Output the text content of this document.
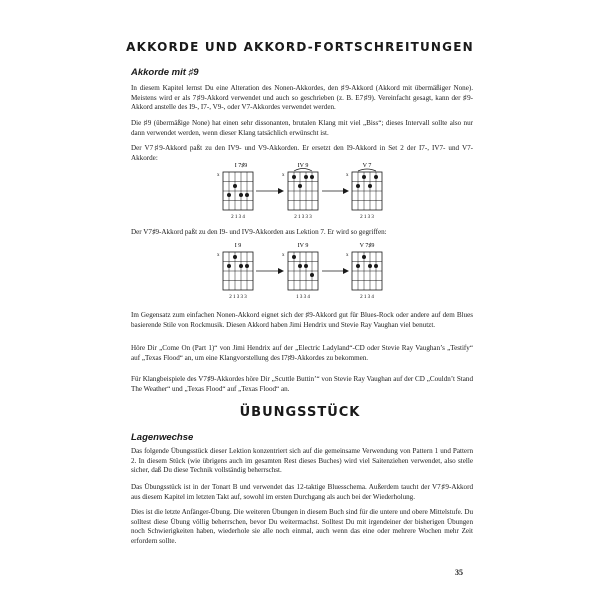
AKKORDE UND AKKORD-FORTSCHREITUNGEN
Akkorde mit ♯9

In diesem Kapitel lernst Du eine Alteration des Nonen-Akkordes, den ♯9-Akkord (Akkord mit übermäßiger None). Meistens wird er als 7♯9-Akkord verwendet und auch so geschrieben (z. B. E7♯9). Vereinfacht gesagt, kann der ♯9-Akkord anstelle des I9-, I7-, V9-, oder V7-Akkordes verwendet werden.

Die ♯9 (übermäßige None) hat einen sehr dissonanten, brutalen Klang mit viel „Biss“; dieses Intervall sollte also nur dann verwendet werden, wenn dieser Klang tatsächlich erwünscht ist.

Der V7♯9-Akkord paßt zu den IV9- und V9-Akkorden. Er ersetzt den I9-Akkord in Set 2 der I7-, IV7- und V7-Akkorde:

Der V7♯9-Akkord paßt zu den I9- und IV9-Akkorden aus Lektion 7. Er wird so gegriffen:

Im Gegensatz zum einfachen Nonen-Akkord eignet sich der ♯9-Akkord gut für Blues-Rock oder andere auf dem Blues basierende Stile von Rockmusik. Diesen Akkord haben Jimi Hendrix und Stevie Ray Vaughan viel benutzt.

Höre Dir „Come On (Part 1)“ von Jimi Hendrix auf der „Electric Ladyland“-CD oder Stevie Ray Vaughan’s „Testify“ auf „Texas Flood“ an, um eine Klangvorstellung des I7♯9-Akkordes zu bekommen.

Für Klangbeispiele des V7♯9-Akkordes höre Dir „Scuttle Buttin’“ von Stevie Ray Vaughan auf der CD „Couldn’t Stand The Weather“ und „Texas Flood“ auf „Texas Flood“ an.

ÜBUNGSSTÜCK
Lagenwechse

Das folgende Übungsstück dieser Lektion konzentriert sich auf die gemeinsame Verwendung von Pattern 1 und Pattern 2. In diesem Stück (wie übrigens auch im gesamten Rest dieses Buches) wird viel Saitenziehen verwendet, also stelle sicher, daß Du diese Technik vollständig beherrschst.

Das Übungsstück ist in der Tonart B und verwendet das 12-taktige Bluesschema. Außerdem taucht der V7♯9-Akkord aus diesem Kapitel im letzten Takt auf, sowohl im ersten Durchgang als auch bei der Wiederholung.

Dies ist die letzte Anfänger-Übung. Die weiteren Übungen in diesem Buch sind für die untere und obere Mittelstufe. Du solltest diese Übung völlig beherrschen, bevor Du weitermachst. Solltest Du mit irgendeiner der bisherigen Übungen noch Schwierigkeiten haben, wiederhole sie alle noch einmal, auch wenn das eine oder mehrere Wochen mehr Zeit erfordern sollte.

35
I 7♯9
x
2 1 3 4
IV 9
x
2 1 3 3 3
V 7
x
2 1 3 3
I 9
x
2 1 3 3 3
IV 9
x
1 3 3 4
V 7♯9
x
2 1 3 4
